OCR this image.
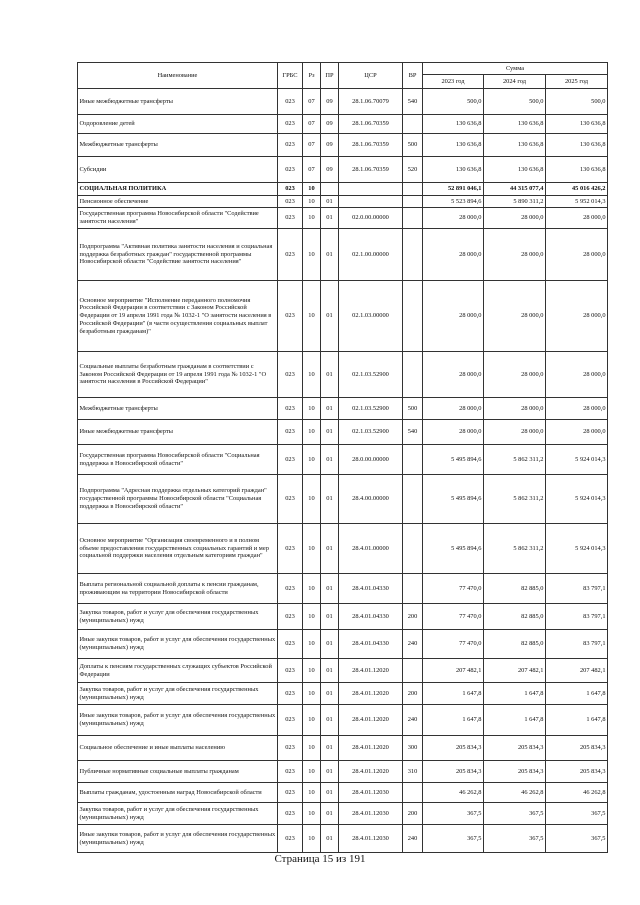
Наименование	ГРБС	Рз	ПР	ЦСР	ВР	Сумма		
						2023 год	2024 год	2025 год
Иные межбюджетные трансферты	023	07	09	28.1.06.70079	540	500,0	500,0	500,0
Оздоровление детей	023	07	09	28.1.06.70359		130 636,8	130 636,8	130 636,8
Межбюджетные трансферты	023	07	09	28.1.06.70359	500	130 636,8	130 636,8	130 636,8
Субсидии	023	07	09	28.1.06.70359	520	130 636,8	130 636,8	130 636,8
СОЦИАЛЬНАЯ ПОЛИТИКА	023	10				52 891 046,1	44 315 077,4	45 016 426,2
Пенсионное обеспечение	023	10	01			5 523 894,6	5 890 311,2	5 952 014,3
Государственная программа Новосибирской области "Содействие занятости населения"	023	10	01	02.0.00.00000		28 000,0	28 000,0	28 000,0
Подпрограмма "Активная политика занятости населения и социальная поддержка безработных граждан" государственной программы Новосибирской области "Содействие занятости населения"	023	10	01	02.1.00.00000		28 000,0	28 000,0	28 000,0
Основное мероприятие "Исполнение переданного полномочия Российской Федерации в соответствии с Законом Российской Федерации от 19 апреля 1991 года № 1032-1 "О занятости населения в Российской Федерации" (в части осуществления социальных выплат безработным гражданам)"	023	10	01	02.1.03.00000		28 000,0	28 000,0	28 000,0
Социальные выплаты безработным гражданам в соответствии с Законом Российской Федерации от 19 апреля 1991 года № 1032-1 "О занятости населения в Российской Федерации"	023	10	01	02.1.03.52900		28 000,0	28 000,0	28 000,0
Межбюджетные трансферты	023	10	01	02.1.03.52900	500	28 000,0	28 000,0	28 000,0
Иные межбюджетные трансферты	023	10	01	02.1.03.52900	540	28 000,0	28 000,0	28 000,0
Государственная программа Новосибирской области "Социальная поддержка в Новосибирской области"	023	10	01	28.0.00.00000		5 495 894,6	5 862 311,2	5 924 014,3
Подпрограмма "Адресная поддержка отдельных категорий граждан" государственной программы Новосибирской области "Социальная поддержка в Новосибирской области"	023	10	01	28.4.00.00000		5 495 894,6	5 862 311,2	5 924 014,3
Основное мероприятие "Организация своевременного и в полном объеме предоставления государственных социальных гарантий и мер социальной поддержки населения отдельным категориям граждан"	023	10	01	28.4.01.00000		5 495 894,6	5 862 311,2	5 924 014,3
Выплата региональной социальной доплаты к пенсии гражданам, проживающим на территории Новосибирской области	023	10	01	28.4.01.04330		77 470,0	82 885,0	83 797,1
Закупка товаров, работ и услуг для обеспечения государственных (муниципальных) нужд	023	10	01	28.4.01.04330	200	77 470,0	82 885,0	83 797,1
Иные закупки товаров, работ и услуг для обеспечения государственных (муниципальных) нужд	023	10	01	28.4.01.04330	240	77 470,0	82 885,0	83 797,1
Доплаты к пенсиям государственных служащих субъектов Российской Федерации	023	10	01	28.4.01.12020		207 482,1	207 482,1	207 482,1
Закупка товаров, работ и услуг для обеспечения государственных (муниципальных) нужд	023	10	01	28.4.01.12020	200	1 647,8	1 647,8	1 647,8
Иные закупки товаров, работ и услуг для обеспечения государственных (муниципальных) нужд	023	10	01	28.4.01.12020	240	1 647,8	1 647,8	1 647,8
Социальное обеспечение и иные выплаты населению	023	10	01	28.4.01.12020	300	205 834,3	205 834,3	205 834,3
Публичные нормативные социальные выплаты гражданам	023	10	01	28.4.01.12020	310	205 834,3	205 834,3	205 834,3
Выплаты гражданам, удостоенным наград Новосибирской области	023	10	01	28.4.01.12030		46 262,8	46 262,8	46 262,8
Закупка товаров, работ и услуг для обеспечения государственных (муниципальных) нужд	023	10	01	28.4.01.12030	200	367,5	367,5	367,5
Иные закупки товаров, работ и услуг для обеспечения государственных (муниципальных) нужд	023	10	01	28.4.01.12030	240	367,5	367,5	367,5
Страница 15 из 191
